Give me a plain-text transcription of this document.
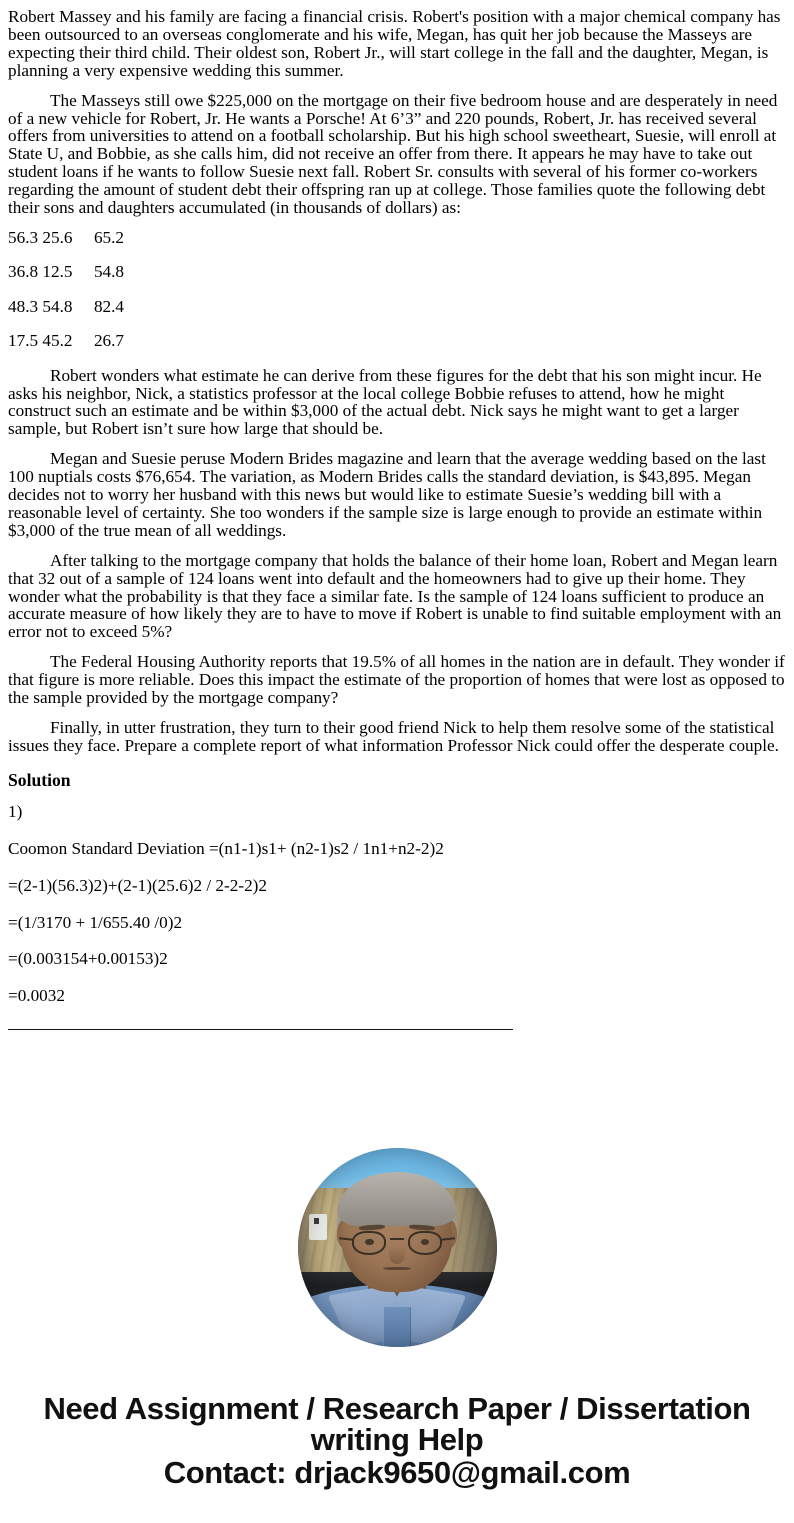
Robert Massey and his family are facing a financial crisis. Robert's position with a major chemical company has been outsourced to an overseas conglomerate and his wife, Megan, has quit her job because the Masseys are expecting their third child. Their oldest son, Robert Jr., will start college in the fall and the daughter, Megan, is planning a very expensive wedding this summer.

The Masseys still owe $225,000 on the mortgage on their five bedroom house and are desperately in need of a new vehicle for Robert, Jr. He wants a Porsche! At 6’3” and 220 pounds, Robert, Jr. has received several offers from universities to attend on a football scholarship. But his high school sweetheart, Suesie, will enroll at State U, and Bobbie, as she calls him, did not receive an offer from there. It appears he may have to take out student loans if he wants to follow Suesie next fall. Robert Sr. consults with several of his former co-workers regarding the amount of student debt their offspring ran up at college. Those families quote the following debt their sons and daughters accumulated (in thousands of dollars) as:

56.3 25.6     65.2
36.8 12.5     54.8
48.3 54.8     82.4
17.5 45.2     26.7

Robert wonders what estimate he can derive from these figures for the debt that his son might incur. He asks his neighbor, Nick, a statistics professor at the local college Bobbie refuses to attend, how he might construct such an estimate and be within $3,000 of the actual debt. Nick says he might want to get a larger sample, but Robert isn’t sure how large that should be.

Megan and Suesie peruse Modern Brides magazine and learn that the average wedding based on the last 100 nuptials costs $76,654. The variation, as Modern Brides calls the standard deviation, is $43,895. Megan decides not to worry her husband with this news but would like to estimate Suesie’s wedding bill with a reasonable level of certainty. She too wonders if the sample size is large enough to provide an estimate within $3,000 of the true mean of all weddings.

After talking to the mortgage company that holds the balance of their home loan, Robert and Megan learn that 32 out of a sample of 124 loans went into default and the homeowners had to give up their home. They wonder what the probability is that they face a similar fate. Is the sample of 124 loans sufficient to produce an accurate measure of how likely they are to have to move if Robert is unable to find suitable employment with an error not to exceed 5%?

The Federal Housing Authority reports that 19.5% of all homes in the nation are in default. They wonder if that figure is more reliable. Does this impact the estimate of the proportion of homes that were lost as opposed to the sample provided by the mortgage company?

Finally, in utter frustration, they turn to their good friend Nick to help them resolve some of the statistical issues they face. Prepare a complete report of what information Professor Nick could offer the desperate couple.

Solution
1)
Coomon Standard Deviation =(n1-1)s1+ (n2-1)s2 / 1n1+n2-2)2
=(2-1)(56.3)2)+(2-1)(25.6)2 / 2-2-2)2
=(1/3170 + 1/655.40 /0)2
=(0.003154+0.00153)2
=0.0032
Need Assignment / Research Paper / Dissertation
writing Help
Contact: drjack9650@gmail.com
